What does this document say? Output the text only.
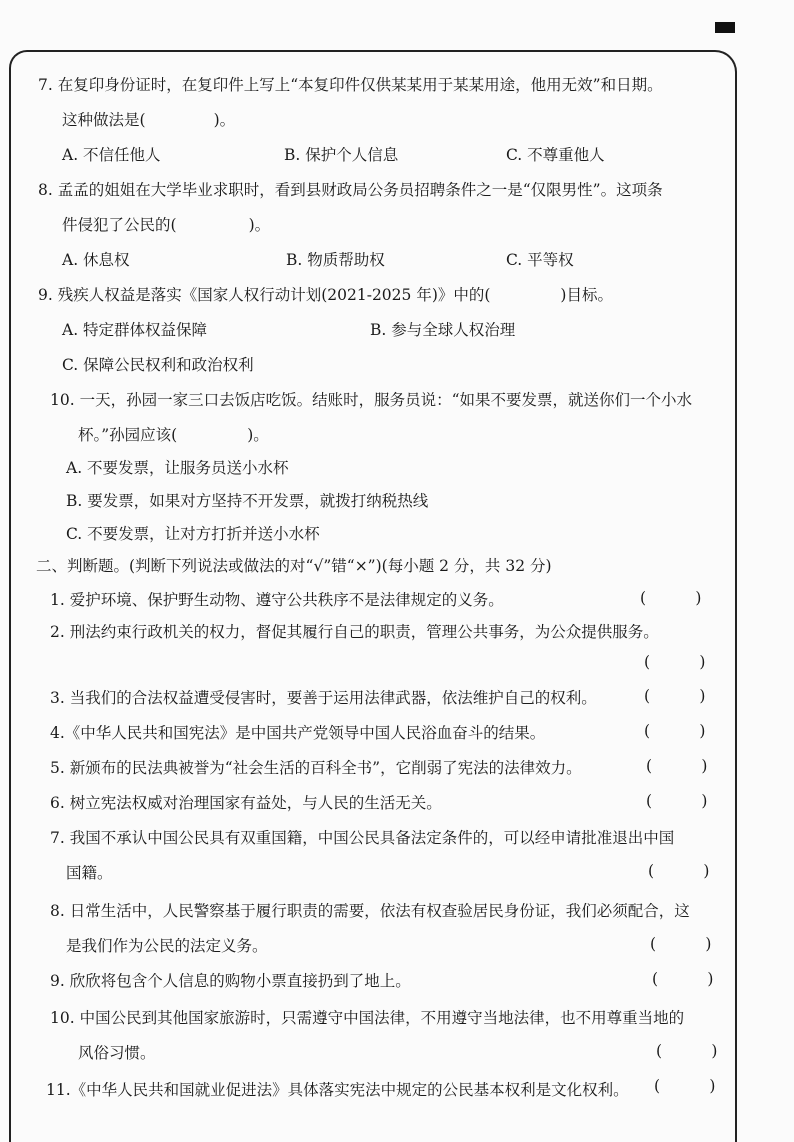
7. 在复印身份证时，在复印件上写上“本复印件仅供某某用于某某用途，他用无效”和日期。
这种做法是(	)。
A. 不信任他人	B. 保护个人信息	C. 不尊重他人
8. 孟孟的姐姐在大学毕业求职时，看到县财政局公务员招聘条件之一是“仅限男性”。这项条
件侵犯了公民的(	)。
A. 休息权	B. 物质帮助权	C. 平等权
9. 残疾人权益是落实《国家人权行动计划(2021-2025 年)》中的(	)目标。
A. 特定群体权益保障	B. 参与全球人权治理
C. 保障公民权利和政治权利
10. 一天，孙园一家三口去饭店吃饭。结账时，服务员说：“如果不要发票，就送你们一个小水
杯。”孙园应该(	)。
A. 不要发票，让服务员送小水杯
B. 要发票，如果对方坚持不开发票，就拨打纳税热线
C. 不要发票，让对方打折并送小水杯
二、判断题。(判断下列说法或做法的对“√”错“×”)(每小题 2 分，共 32 分)
1. 爱护环境、保护野生动物、遵守公共秩序不是法律规定的义务。	(          )
2. 刑法约束行政机关的权力，督促其履行自己的职责，管理公共事务，为公众提供服务。
(          )
3. 当我们的合法权益遭受侵害时，要善于运用法律武器，依法维护自己的权利。	(          )
4.《中华人民共和国宪法》是中国共产党领导中国人民浴血奋斗的结果。	(          )
5. 新颁布的民法典被誉为“社会生活的百科全书”，它削弱了宪法的法律效力。	(          )
6. 树立宪法权威对治理国家有益处，与人民的生活无关。	(          )
7. 我国不承认中国公民具有双重国籍，中国公民具备法定条件的，可以经申请批准退出中国
国籍。	(          )
8. 日常生活中，人民警察基于履行职责的需要，依法有权查验居民身份证，我们必须配合，这
是我们作为公民的法定义务。	(          )
9. 欣欣将包含个人信息的购物小票直接扔到了地上。	(          )
10. 中国公民到其他国家旅游时，只需遵守中国法律，不用遵守当地法律，也不用尊重当地的
风俗习惯。	(          )
11.《中华人民共和国就业促进法》具体落实宪法中规定的公民基本权利是文化权利。 (          )
